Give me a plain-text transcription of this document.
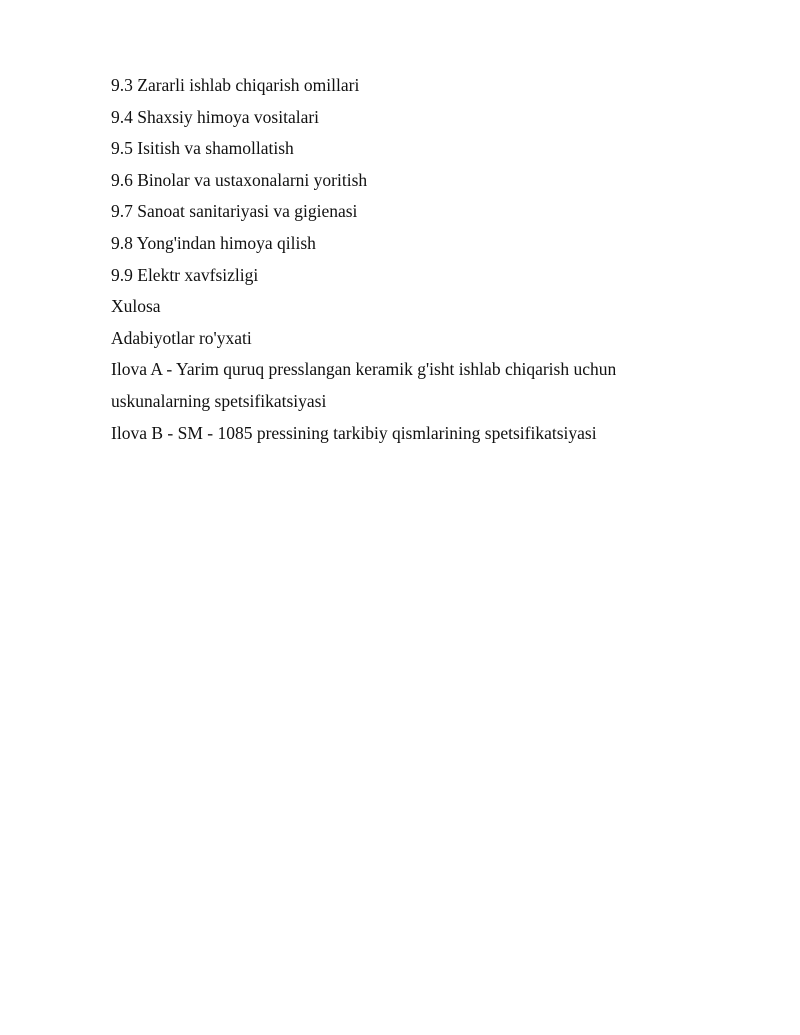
9.3 Zararli ishlab chiqarish omillari
9.4 Shaxsiy himoya vositalari
9.5 Isitish va shamollatish
9.6 Binolar va ustaxonalarni yoritish
9.7 Sanoat sanitariyasi va gigienasi
9.8 Yong'indan himoya qilish
9.9 Elektr xavfsizligi
Xulosa
Adabiyotlar ro'yxati
Ilova A - Yarim quruq presslangan keramik g'isht ishlab chiqarish uchun
uskunalarning spetsifikatsiyasi
Ilova B - SM - 1085 pressining tarkibiy qismlarining spetsifikatsiyasi
